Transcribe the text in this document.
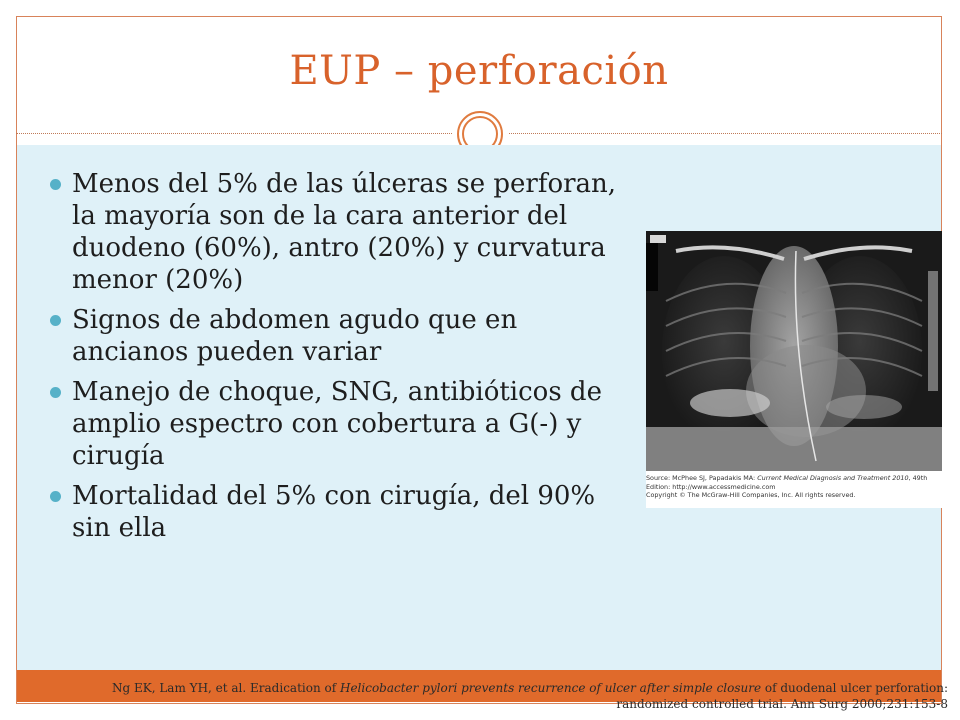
EUP – perforación
Menos del 5% de las úlceras se perforan, la mayoría son de la cara anterior del duodeno (60%), antro (20%) y curvatura menor (20%)
Signos de abdomen agudo que en ancianos pueden variar
Manejo de choque, SNG, antibióticos de amplio espectro con cobertura a G(-) y cirugía
Mortalidad del 5% con cirugía, del 90% sin ella
Source: McPhee SJ, Papadakis MA: Current Medical Diagnosis and Treatment 2010, 49th Edition: http://www.accessmedicine.com
Copyright © The McGraw-Hill Companies, Inc. All rights reserved.
Ng EK, Lam YH, et al. Eradication of Helicobacter pylori prevents recurrence of ulcer after simple closure of duodenal ulcer perforation: randomized controlled trial. Ann Surg 2000;231:153-8
